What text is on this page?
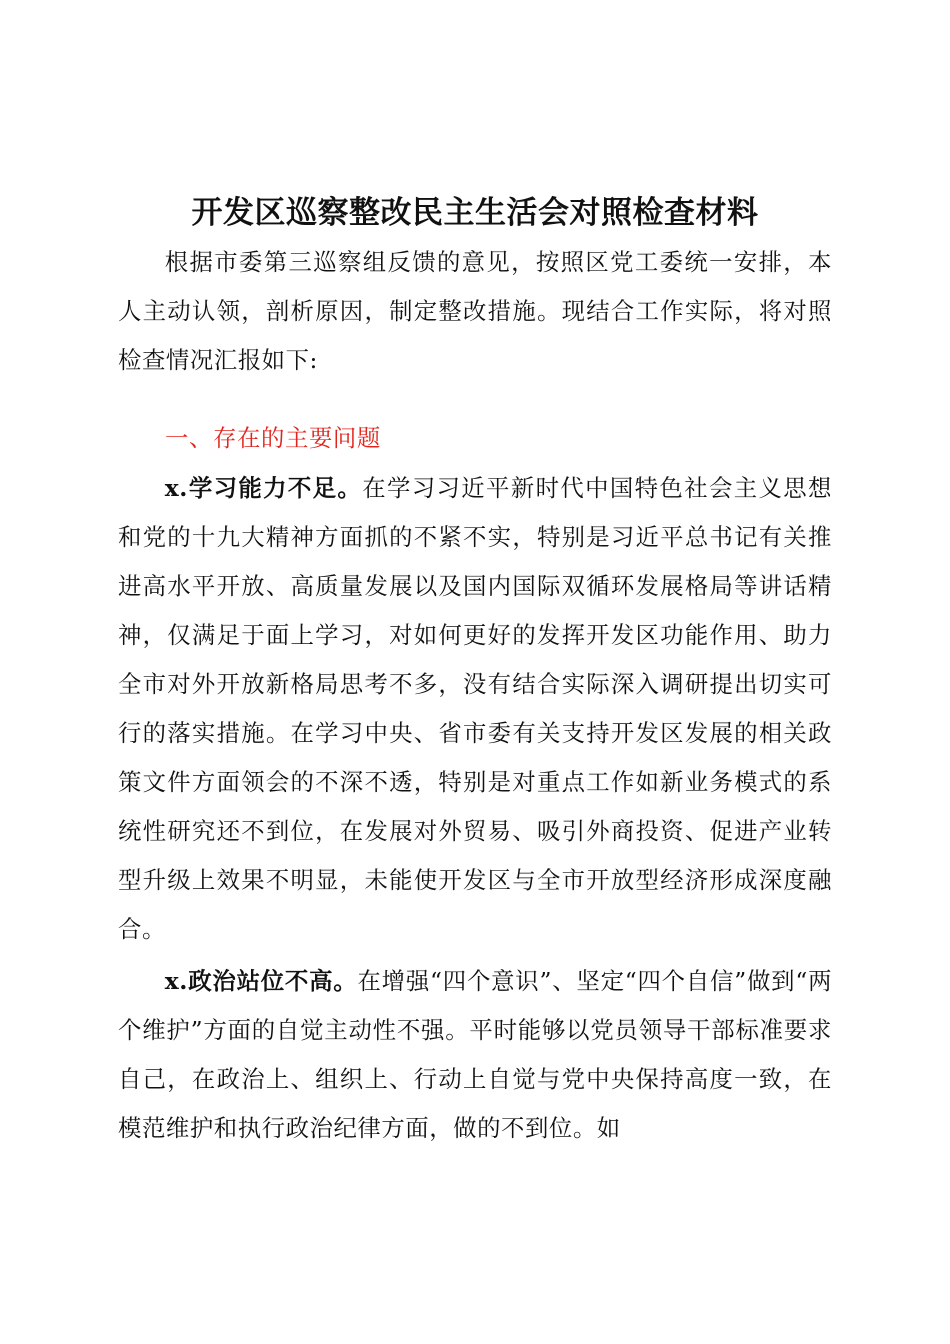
开发区巡察整改民主生活会对照检查材料

根据市委第三巡察组反馈的意见，按照区党工委统一安排，本人主动认领，剖析原因，制定整改措施。现结合工作实际，将对照检查情况汇报如下:

一、存在的主要问题

x.学习能力不足。在学习习近平新时代中国特色社会主义思想和党的十九大精神方面抓的不紧不实，特别是习近平总书记有关推进高水平开放、高质量发展以及国内国际双循环发展格局等讲话精神，仅满足于面上学习，对如何更好的发挥开发区功能作用、助力全市对外开放新格局思考不多，没有结合实际深入调研提出切实可行的落实措施。在学习中央、省市委有关支持开发区发展的相关政策文件方面领会的不深不透，特别是对重点工作如新业务模式的系统性研究还不到位，在发展对外贸易、吸引外商投资、促进产业转型升级上效果不明显，未能使开发区与全市开放型经济形成深度融合。

x.政治站位不高。在增强“四个意识”、坚定“四个自信”做到“两个维护”方面的自觉主动性不强。平时能够以党员领导干部标准要求自己，在政治上、组织上、行动上自觉与党中央保持高度一致，在模范维护和执行政治纪律方面，做的不到位。如
